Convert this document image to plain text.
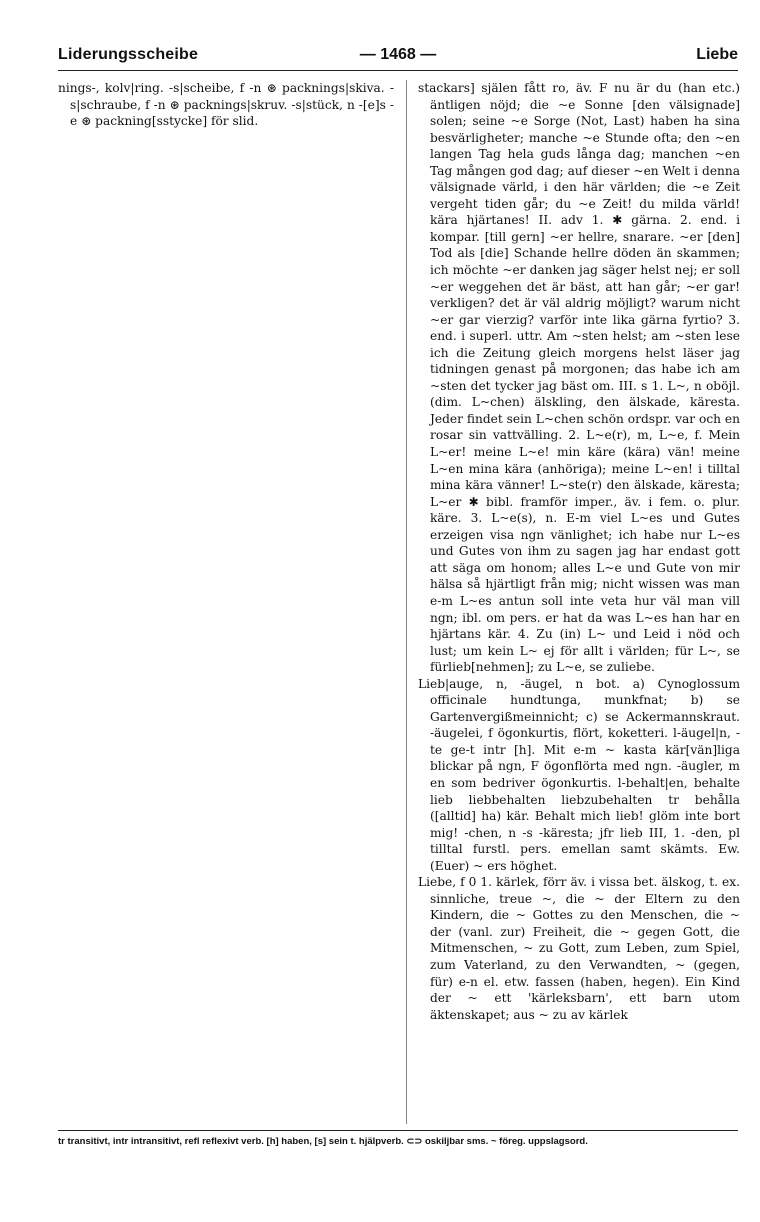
Liderungsscheibe	— 1468 —	Liebe

nings-, kolv|ring. -s|scheibe, f -n ⊛ packnings|skiva. -s|schraube, f -n ⊛ packnings|skruv. -s|stück, n -[e]s -e ⊛ packning[sstycke] för slid.

stackars] själen fått ro, äv. F nu är du (han etc.) äntligen nöjd; die ~e Sonne [den välsignade] solen; seine ~e Sorge (Not, Last) haben ha sina besvärligheter; manche ~e Stunde ofta; den ~en langen Tag hela guds långa dag; manchen ~en Tag mången god dag; auf dieser ~en Welt i denna välsignade värld, i den här världen; die ~e Zeit vergeht tiden går; du ~e Zeit! du milda värld! kära hjärtanes! II. adv 1. ✱ gärna. 2. end. i kompar. [till gern] ~er hellre, snarare. ~er [den] Tod als [die] Schande hellre döden än skammen; ich möchte ~er danken jag säger helst nej; er soll ~er weggehen det är bäst, att han går; ~er gar! verkligen? det är väl aldrig möjligt? warum nicht ~er gar vierzig? varför inte lika gärna fyrtio? 3. end. i superl. uttr. Am ~sten helst; am ~sten lese ich die Zeitung gleich morgens helst läser jag tidningen genast på morgonen; das habe ich am ~sten det tycker jag bäst om. III. s 1. L~, n oböjl. (dim. L~chen) älskling, den älskade, käresta. Jeder findet sein L~chen schön ordspr. var och en rosar sin vattvälling. 2. L~e(r), m, L~e, f. Mein L~er! meine L~e! min käre (kära) vän! meine L~en mina kära (anhöriga); meine L~en! i tilltal mina kära vänner! L~ste(r) den älskade, käresta; L~er ✱ bibl. framför imper., äv. i fem. o. plur. käre. 3. L~e(s), n. E-m viel L~es und Gutes erzeigen visa ngn vänlighet; ich habe nur L~es und Gutes von ihm zu sagen jag har endast gott att säga om honom; alles L~e und Gute von mir hälsa så hjärtligt från mig; nicht wissen was man e-m L~es antun soll inte veta hur väl man vill ngn; ibl. om pers. er hat da was L~es han har en hjärtans kär. 4. Zu (in) L~ und Leid i nöd och lust; um kein L~ ej för allt i världen; für L~, se fürlieb[nehmen]; zu L~e, se zuliebe.

Lieb|auge, n, -äugel, n bot. a) Cynoglossum officinale hundtunga, munkfnat; b) se Gartenvergißmeinnicht; c) se Ackermannskraut. -äugelei, f ögonkurtis, flört, koketteri. l-äugel|n, -te ge-t intr [h]. Mit e-m ~ kasta kär[vän]liga blickar på ngn, F ögonflörta med ngn. -äugler, m en som bedriver ögonkurtis. l-behalt|en, behalte lieb liebbehalten liebzubehalten tr behålla ([alltid] ha) kär. Behalt mich lieb! glöm inte bort mig! -chen, n -s -käresta; jfr lieb III, 1. -den, pl tilltal furstl. pers. emellan samt skämts. Ew. (Euer) ~ ers höghet.

Liebe, f 0 1. kärlek, förr äv. i vissa bet. älskog, t. ex. sinnliche, treue ~, die ~ der Eltern zu den Kindern, die ~ Gottes zu den Menschen, die ~ der (vanl. zur) Freiheit, die ~ gegen Gott, die Mitmenschen, ~ zu Gott, zum Leben, zum Spiel, zum Vaterland, zu den Verwandten, ~ (gegen, für) e-n el. etw. fassen (haben, hegen). Ein Kind der ~ ett 'kärleksbarn', ett barn utom äktenskapet; aus ~ zu av kärlek

tr transitivt, intr intransitivt, refl reflexivt verb. [h] haben, [s] sein t. hjälpverb. ⊂⊃ oskiljbar sms. ~ föreg. uppslagsord.
